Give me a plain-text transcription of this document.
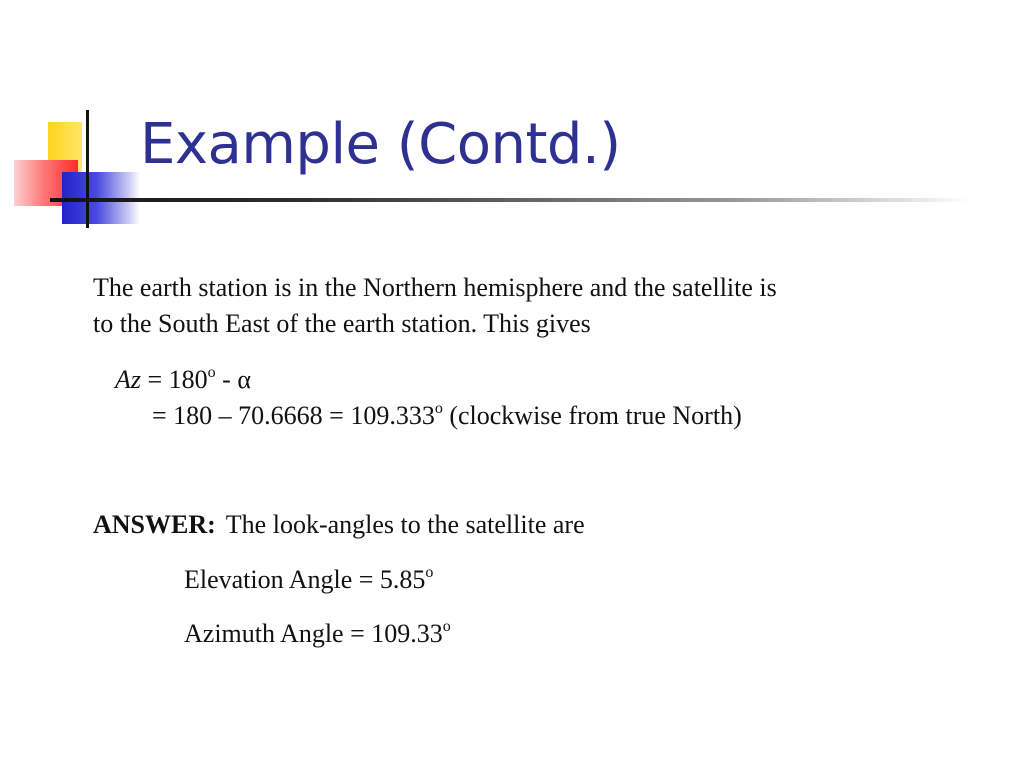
Example (Contd.)
The earth station is in the Northern hemisphere and the satellite is
to the South East of the earth station. This gives
$Az = 180^o - \alpha$
= $180 - 70.6668 = 109.333^o$ (clockwise from true North)
ANSWER: The look-angles to the satellite are
Elevation Angle = $5.85^o$
Azimuth Angle = $109.33^o$
